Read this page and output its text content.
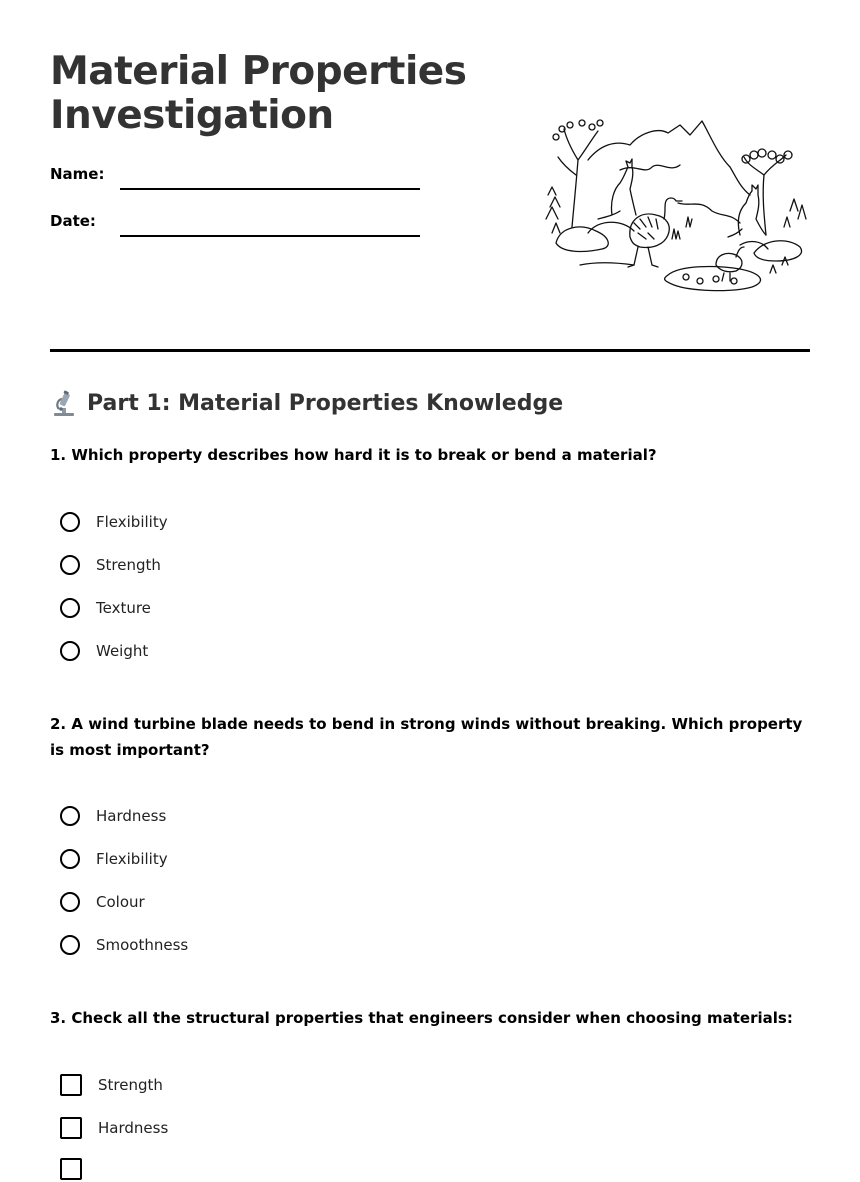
Material Properties
Investigation
Name:
Date:
Part 1: Material Properties Knowledge

1. Which property describes how hard it is to break or bend a material?

Flexibility
Strength
Texture
Weight

2. A wind turbine blade needs to bend in strong winds without breaking. Which property is most important?

Hardness
Flexibility
Colour
Smoothness

3. Check all the structural properties that engineers consider when choosing materials:

Strength
Hardness
